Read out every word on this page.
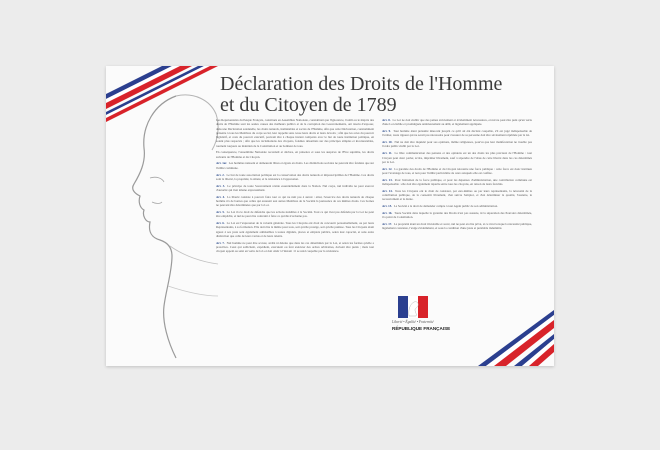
Déclaration des Droits de l'Homme
et du Citoyen de 1789

Les Représentants du Peuple Français, constitués en Assemblée Nationale, considérant que l'ignorance, l'oubli ou le mépris des droits de l'Homme sont les seules causes des malheurs publics et de la corruption des Gouvernements, ont résolu d'exposer, dans une Déclaration solennelle, les droits naturels, inaliénables et sacrés de l'Homme, afin que cette Déclaration, constamment présente à tous les Membres du corps social, leur rappelle sans cesse leurs droits et leurs devoirs ; afin que les actes du pouvoir législatif, et ceux du pouvoir exécutif, pouvant être à chaque instant comparés avec le but de toute institution politique, en soient plus respectés ; afin que les réclamations des citoyens, fondées désormais sur des principes simples et incontestables, tournent toujours au maintien de la Constitution et au bonheur de tous.

En conséquence, l'Assemblée Nationale reconnaît et déclare, en présence et sous les auspices de l'Etre suprême, les droits suivants de l'Homme et du Citoyen.

Art. 1er. Les hommes naissent et demeurent libres et égaux en droits. Les distinctions sociales ne peuvent être fondées que sur l'utilité commune.

Art. 2. Le but de toute association politique est la conservation des droits naturels et imprescriptibles de l'Homme. Ces droits sont la liberté, la propriété, la sûreté, et la résistance à l'oppression.

Art. 3. Le principe de toute Souveraineté réside essentiellement dans la Nation. Nul corps, nul individu ne peut exercer d'autorité qui n'en émane expressément.

Art. 4. La liberté consiste à pouvoir faire tout ce qui ne nuit pas à autrui : ainsi, l'exercice des droits naturels de chaque homme n'a de bornes que celles qui assurent aux autres Membres de la Société la jouissance de ces mêmes droits. Ces bornes ne peuvent être déterminées que par la Loi.

Art. 5. La Loi n'a le droit de défendre que les actions nuisibles à la Société. Tout ce qui n'est pas défendu par la Loi ne peut être empêché, et nul ne peut être contraint à faire ce qu'elle n'ordonne pas.

Art. 6. La Loi est l'expression de la volonté générale. Tous les Citoyens ont droit de concourir personnellement, ou par leurs Représentants, à sa formation. Elle doit être la même pour tous, soit qu'elle protège, soit qu'elle punisse. Tous les Citoyens étant égaux à ses yeux sont également admissibles à toutes dignités, places et emplois publics, selon leur capacité, et sans autre distinction que celle de leurs vertus et de leurs talents.

Art. 7. Nul homme ne peut être accusé, arrêté ni détenu que dans les cas déterminés par la Loi, et selon les formes qu'elle a prescrites. Ceux qui sollicitent, expédient, exécutent ou font exécuter des ordres arbitraires, doivent être punis ; mais tout citoyen appelé ou saisi en vertu de la Loi doit obéir à l'instant : il se rend coupable par la résistance.

Art. 8. La Loi ne doit établir que des peines strictement et évidemment nécessaires, et nul ne peut être puni qu'en vertu d'une Loi établie et promulguée antérieurement au délit, et légalement appliquée.

Art. 9. Tout homme étant présumé innocent jusqu'à ce qu'il ait été déclaré coupable, s'il est jugé indispensable de l'arrêter, toute rigueur qui ne serait pas nécessaire pour s'assurer de sa personne doit être sévèrement réprimée par la loi.

Art. 10. Nul ne doit être inquiété pour ses opinions, même religieuses, pourvu que leur manifestation ne trouble pas l'ordre public établi par la Loi.

Art. 11. La libre communication des pensées et des opinions est un des droits les plus précieux de l'Homme : tout Citoyen peut donc parler, écrire, imprimer librement, sauf à répondre de l'abus de cette liberté dans les cas déterminés par la Loi.

Art. 12. La garantie des droits de l'Homme et du Citoyen nécessite une force publique : cette force est donc instituée pour l'avantage de tous, et non pour l'utilité particulière de ceux auxquels elle est confiée.

Art. 13. Pour l'entretien de la force publique, et pour les dépenses d'administration, une contribution commune est indispensable : elle doit être également répartie entre tous les citoyens, en raison de leurs facultés.

Art. 14. Tous les Citoyens ont le droit de constater, par eux-mêmes ou par leurs représentants, la nécessité de la contribution publique, de la consentir librement, d'en suivre l'emploi, et d'en déterminer la quotité, l'assiette, le recouvrement et la durée.

Art. 15. La Société a le droit de demander compte à tout Agent public de son administration.

Art. 16. Toute Société dans laquelle la garantie des Droits n'est pas assurée, ni la séparation des Pouvoirs déterminée, n'a point de Constitution.

Art. 17. La propriété étant un droit inviolable et sacré, nul ne peut en être privé, si ce n'est lorsque la nécessité publique, légalement constatée, l'exige évidemment, et sous la condition d'une juste et préalable indemnité.

Liberté • Égalité • Fraternité
RÉPUBLIQUE FRANÇAISE
